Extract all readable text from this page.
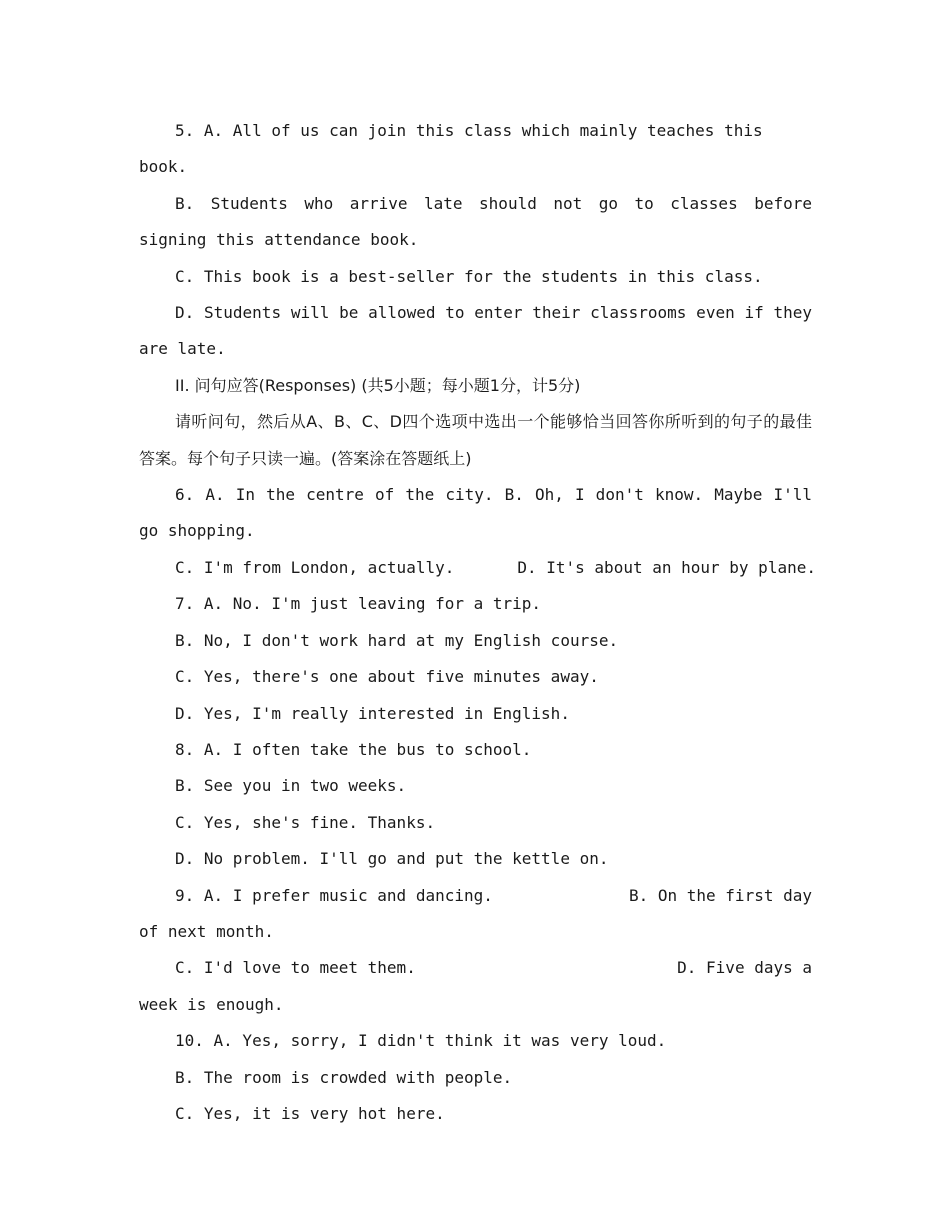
5. A. All of us can join this class which mainly teaches this book.

B. Students who arrive late should not go to classes before signing this attendance book.

C. This book is a best-seller for the students in this class.

D. Students will be allowed to enter their classrooms even if they are late.

II. 问句应答(Responses) (共5小题；每小题1分，计5分)

请听问句，然后从A、B、C、D四个选项中选出一个能够恰当回答你所听到的句子的最佳答案。每个句子只读一遍。(答案涂在答题纸上)

6. A. In the centre of the city. B. Oh, I don't know. Maybe I'll go shopping.

C. I'm from London, actually.	D. It's about an hour by plane.

7. A. No. I'm just leaving for a trip.

B. No, I don't work hard at my English course.

C. Yes, there's one about five minutes away.

D. Yes, I'm really interested in English.

8. A. I often take the bus to school.

B. See you in two weeks.

C. Yes, she's fine. Thanks.

D. No problem. I'll go and put the kettle on.

9. A. I prefer music and dancing.	B. On the first day

of next month.

C. I'd love to meet them.	D. Five days a

week is enough.

10. A. Yes, sorry, I didn't think it was very loud.

B. The room is crowded with people.

C. Yes, it is very hot here.
